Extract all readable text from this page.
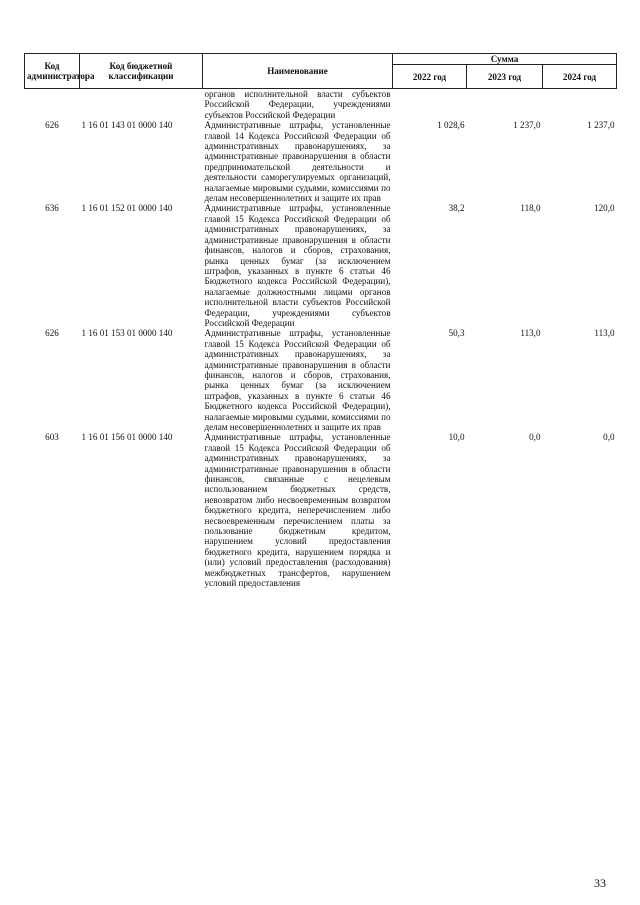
Код администратора	Код бюджетной классификации	Наименование	Сумма		
			2022 год	2023 год	2024 год
		органов исполнительной власти субъектов Российской Федерации, учреждениями субъектов Российской Федерации			
626	1 16 01 143 01 0000 140	Административные штрафы, установленные главой 14 Кодекса Российской Федерации об административных правонарушениях, за административные правонарушения в области предпринимательской деятельности и деятельности саморегулируемых организаций, налагаемые мировыми судьями, комиссиями по делам несовершеннолетних и защите их прав	1 028,6	1 237,0	1 237,0
636	1 16 01 152 01 0000 140	Административные штрафы, установленные главой 15 Кодекса Российской Федерации об административных правонарушениях, за административные правонарушения в области финансов, налогов и сборов, страхования, рынка ценных бумаг (за исключением штрафов, указанных в пункте 6 статьи 46 Бюджетного кодекса Российской Федерации), налагаемые должностными лицами органов исполнительной власти субъектов Российской Федерации, учреждениями субъектов Российской Федерации	38,2	118,0	120,0
626	1 16 01 153 01 0000 140	Административные штрафы, установленные главой 15 Кодекса Российской Федерации об административных правонарушениях, за административные правонарушения в области финансов, налогов и сборов, страхования, рынка ценных бумаг (за исключением штрафов, указанных в пункте 6 статьи 46 Бюджетного кодекса Российской Федерации), налагаемые мировыми судьями, комиссиями по делам несовершеннолетних и защите их прав	50,3	113,0	113,0
603	1 16 01 156 01 0000 140	Административные штрафы, установленные главой 15 Кодекса Российской Федерации об административных правонарушениях, за административные правонарушения в области финансов, связанные с нецелевым использованием бюджетных средств, невозвратом либо несвоевременным возвратом бюджетного кредита, неперечислением либо несвоевременным перечислением платы за пользование бюджетным кредитом, нарушением условий предоставления бюджетного кредита, нарушением порядка и (или) условий предоставления (расходования) межбюджетных трансфертов, нарушением условий предоставления	10,0	0,0	0,0
33
